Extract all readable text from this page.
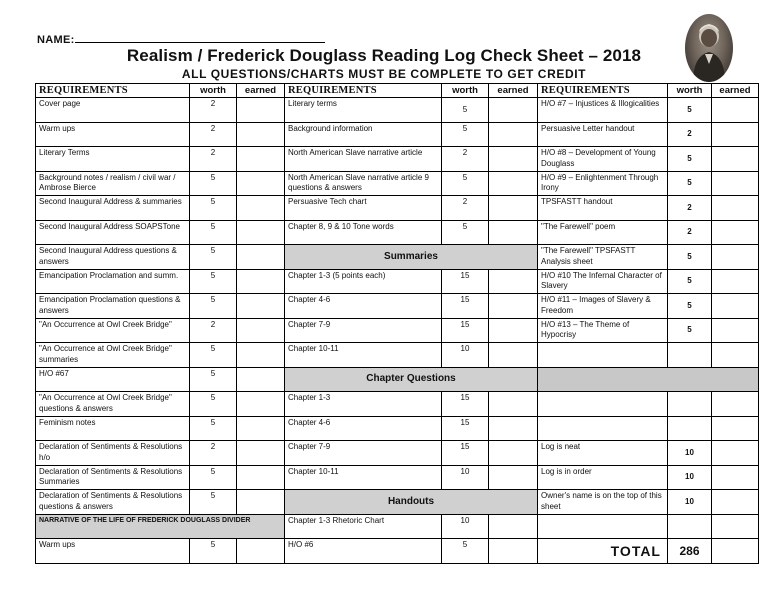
NAME:
Realism / Frederick Douglass Reading Log Check Sheet – 2018
ALL QUESTIONS/CHARTS MUST BE COMPLETE TO GET CREDIT
REQUIREMENTS	worth	earned	REQUIREMENTS	worth	earned	REQUIREMENTS	worth	earned
Cover page	2		Literary terms	5		H/O #7 – Injustices & Illogicalities	5	
Warm ups	2		Background information	5		Persuasive Letter handout	2	
Literary Terms	2		North American Slave narrative article	2		H/O #8 – Development of Young Douglass	5	
Background notes / realism / civil war / Ambrose Bierce	5		North American Slave narrative article 9 questions & answers	5		H/O #9 – Enlightenment Through Irony	5	
Second Inaugural Address & summaries	5		Persuasive Tech chart	2		TPSFASTT handout	2	
Second Inaugural Address SOAPSTone	5		Chapter 8, 9 & 10 Tone words	5		"The Farewell" poem	2	
Second Inaugural Address questions & answers	5		Summaries			"The Farewell" TPSFASTT Analysis sheet	5	
Emancipation Proclamation and summ.	5		Chapter 1-3 (5 points each)	15		H/O #10 The Infernal Character of Slavery	5	
Emancipation Proclamation questions & answers	5		Chapter 4-6	15		H/O #11 – Images of Slavery & Freedom	5	
"An Occurrence at Owl Creek Bridge"	2		Chapter 7-9	15		H/O #13 – The Theme of Hypocrisy	5	
"An Occurrence at Owl Creek Bridge" summaries	5		Chapter 10-11	10				
H/O #67	5		Chapter Questions					
"An Occurrence at Owl Creek Bridge" questions & answers	5		Chapter 1-3	15				
Feminism notes	5		Chapter 4-6	15				
Declaration of Sentiments & Resolutions h/o	2		Chapter 7-9	15		Log is neat	10	
Declaration of Sentiments & Resolutions Summaries	5		Chapter 10-11	10		Log is in order	10	
Declaration of Sentiments & Resolutions questions & answers	5		Handouts			Owner's name is on the top of this sheet	10	
NARRATIVE OF THE LIFE OF FREDERICK DOUGLASS DIVIDER			Chapter 1-3 Rhetoric Chart	10				
Warm ups	5		H/O #6	5		TOTAL	286	
